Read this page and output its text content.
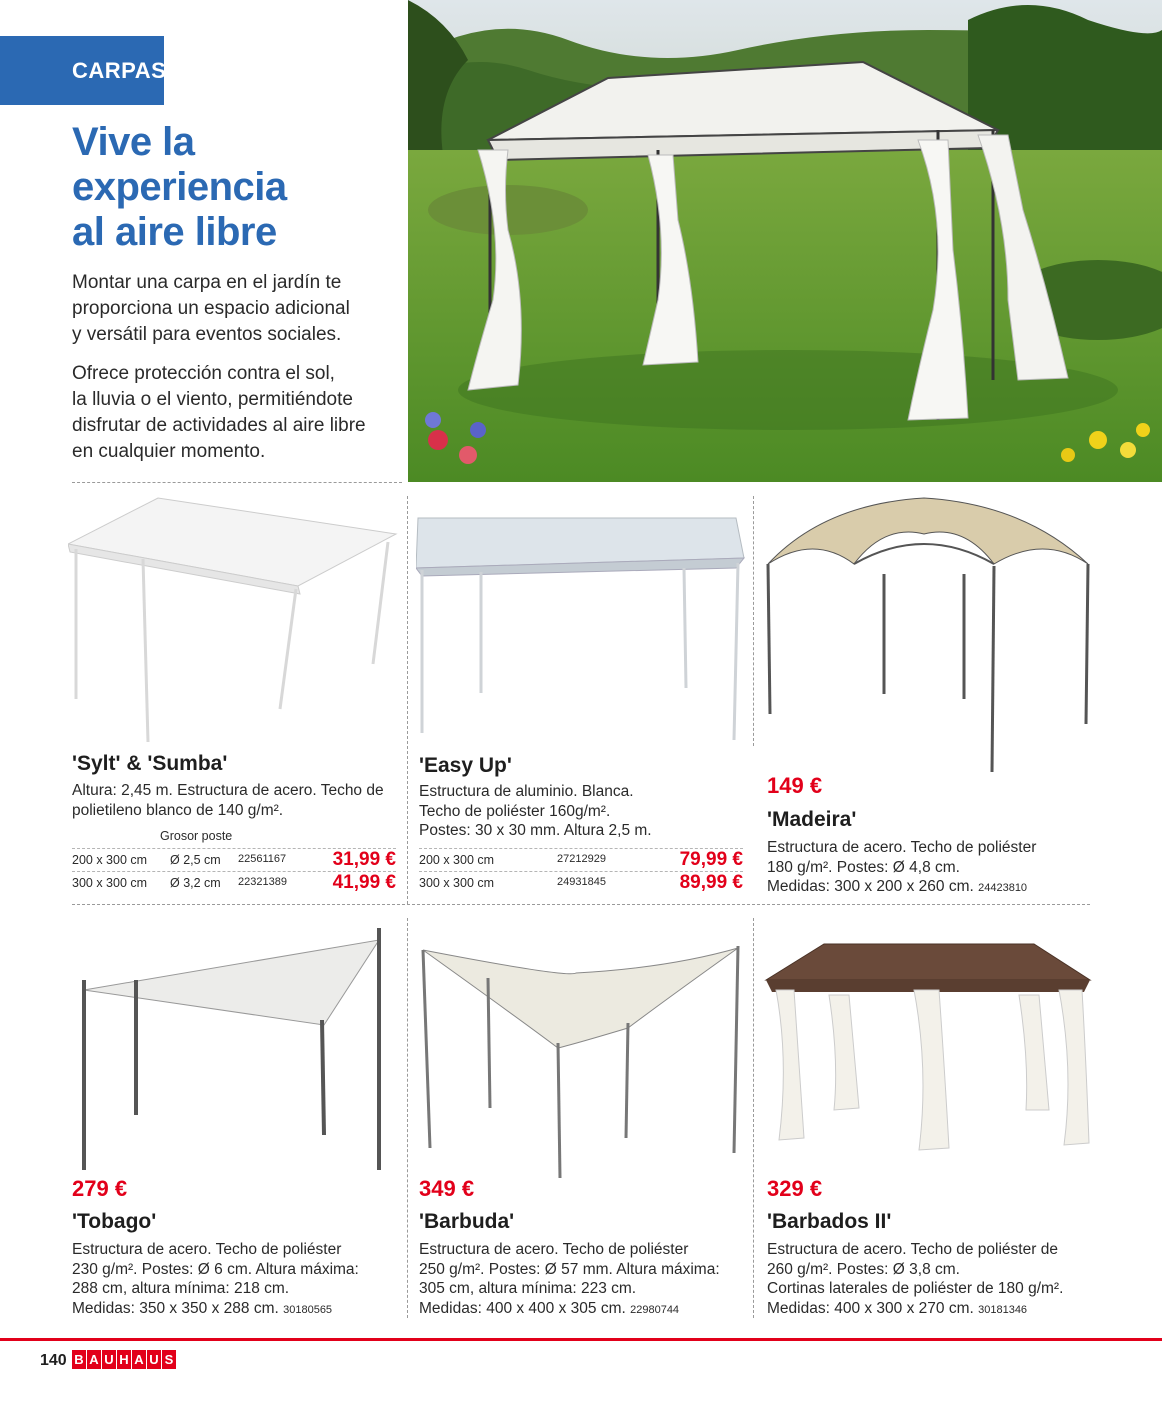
CARPAS
Vive la
experiencia
al aire libre
Montar una carpa en el jardín te
proporciona un espacio adicional
y versátil para eventos sociales.
Ofrece protección contra el sol,
la lluvia o el viento, permitiéndote
disfrutar de actividades al aire libre
en cualquier momento.
'Sylt' & 'Sumba'
Altura: 2,45 m. Estructura de acero. Techo de
polietileno blanco de 140 g/m².
Grosor poste
200 x 300 cm Ø 2,5 cm 22561167 31,99 €
300 x 300 cm Ø 3,2 cm 22321389 41,99 €
'Easy Up'
Estructura de aluminio. Blanca.
Techo de poliéster 160g/m².
Postes: 30 x 30 mm. Altura 2,5 m.
200 x 300 cm	27212929	79,99 €
300 x 300 cm	24931845	89,99 €
149 €
'Madeira'
Estructura de acero. Techo de poliéster
180 g/m². Postes: Ø 4,8 cm.
Medidas: 300 x 200 x 260 cm. 24423810
279 €
'Tobago'
Estructura de acero. Techo de poliéster
230 g/m². Postes: Ø 6 cm. Altura máxima:
288 cm, altura mínima: 218 cm.
Medidas: 350 x 350 x 288 cm. 30180565
349 €
'Barbuda'
Estructura de acero. Techo de poliéster
250 g/m². Postes: Ø 57 mm. Altura máxima:
305 cm, altura mínima: 223 cm.
Medidas: 400 x 400 x 305 cm. 22980744
329 €
'Barbados II'
Estructura de acero. Techo de poliéster de
260 g/m². Postes: Ø 3,8 cm.
Cortinas laterales de poliéster de 180 g/m².
Medidas: 400 x 300 x 270 cm. 30181346
140 B A U H A U S
